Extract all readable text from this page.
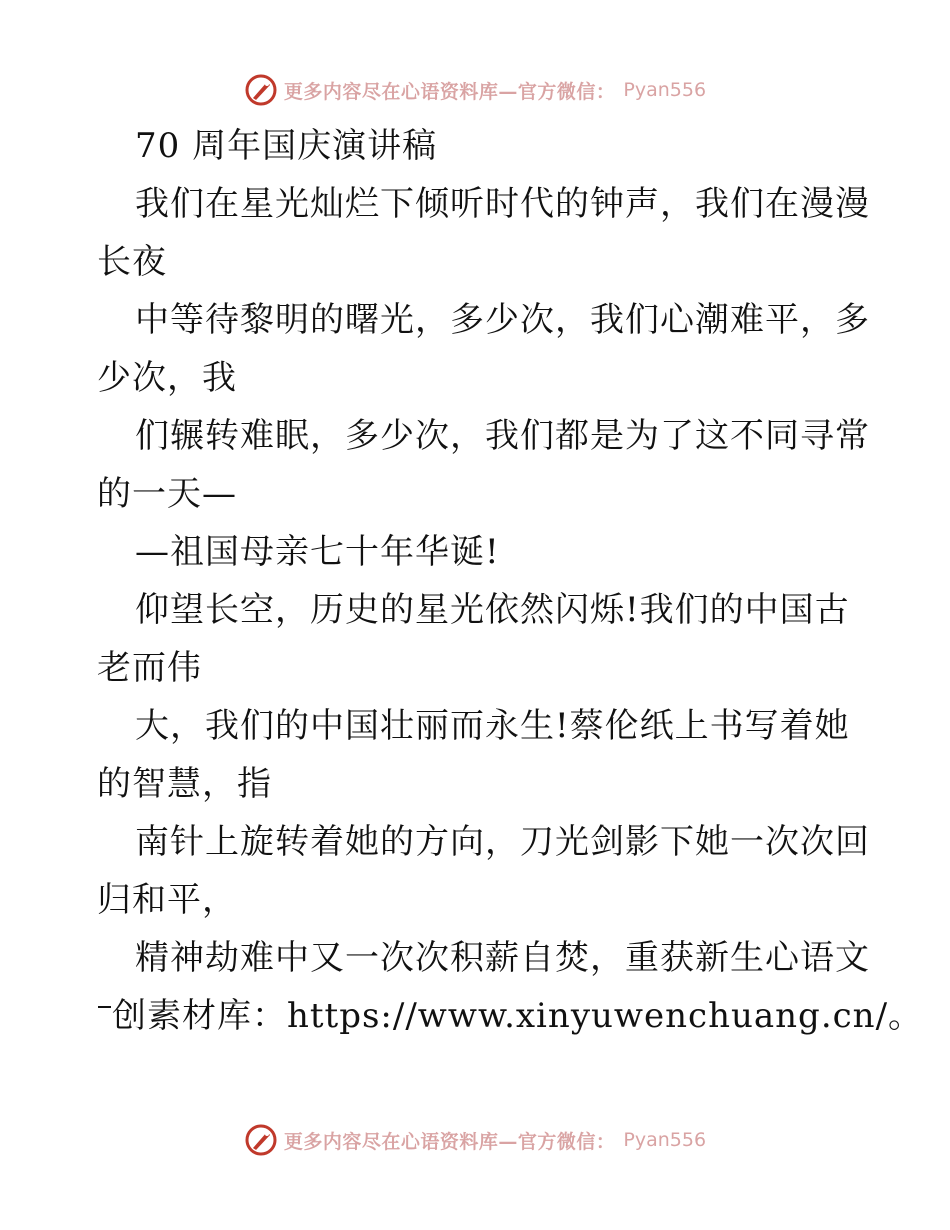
更多内容尽在心语资料库—官方微信： Pyan556
70 周年国庆演讲稿
我们在星光灿烂下倾听时代的钟声，我们在漫漫
长夜
中等待黎明的曙光，多少次，我们心潮难平，多
少次，我
们辗转难眠，多少次，我们都是为了这不同寻常
的一天—
—祖国母亲七十年华诞!
仰望长空，历史的星光依然闪烁!我们的中国古
老而伟
大，我们的中国壮丽而永生!蔡伦纸上书写着她
的智慧，指
南针上旋转着她的方向，刀光剑影下她一次次回
归和平，
精神劫难中又一次次积薪自焚，重获新生心语文
创素材库：https://www.xinyuwenchuang.cn/。
更多内容尽在心语资料库—官方微信： Pyan556
